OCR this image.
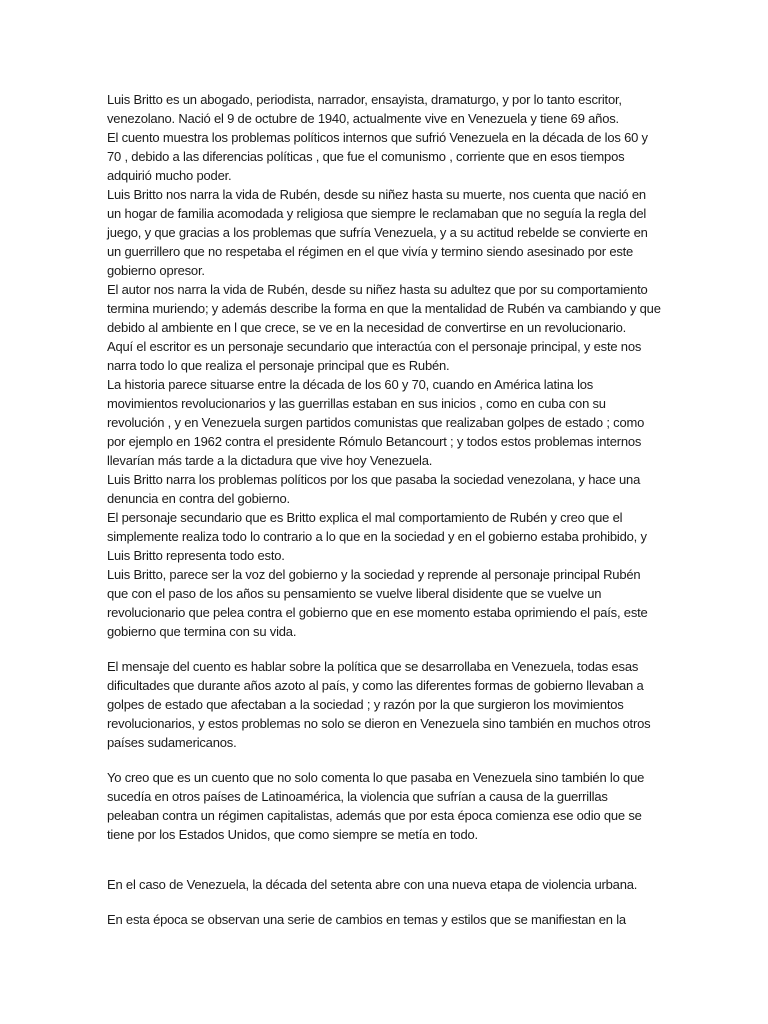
Luis Britto es un abogado, periodista, narrador, ensayista, dramaturgo, y por lo tanto escritor, venezolano. Nació el 9 de octubre de 1940, actualmente vive en Venezuela y tiene 69 años.

El cuento muestra los problemas políticos internos que sufrió Venezuela en la década de los 60 y 70 , debido a las diferencias políticas , que fue el comunismo , corriente que en esos tiempos adquirió mucho poder.

Luis Britto nos narra la vida de Rubén, desde su niñez hasta su muerte, nos cuenta que nació en un hogar de familia acomodada y religiosa que siempre le reclamaban que no seguía la regla del juego, y que gracias a los problemas que sufría Venezuela, y a su actitud rebelde se convierte en un guerrillero que no respetaba el régimen en el que vivía y termino siendo asesinado por este gobierno opresor.

El autor nos narra la vida de Rubén, desde su niñez hasta su adultez que por su comportamiento termina muriendo; y además describe la forma en que la mentalidad de Rubén va cambiando y que debido al ambiente en l que crece, se ve en la necesidad de convertirse en un revolucionario.

Aquí el escritor es un personaje secundario que interactúa con el personaje principal, y este nos narra todo lo que realiza el personaje principal que es Rubén.

La historia parece situarse entre la década de los 60 y 70, cuando en América latina los movimientos revolucionarios y las guerrillas estaban en sus inicios , como en cuba con su revolución , y en Venezuela surgen partidos comunistas que realizaban golpes de estado ; como por ejemplo en 1962 contra el presidente Rómulo Betancourt ; y todos estos problemas internos llevarían más tarde a la dictadura que vive hoy Venezuela.

Luis Britto narra los problemas políticos por los que pasaba la sociedad venezolana, y hace una denuncia en contra del gobierno.

El personaje secundario que es Britto explica el mal comportamiento de Rubén y creo que el simplemente realiza todo lo contrario a lo que en la sociedad y en el gobierno estaba prohibido, y Luis Britto representa todo esto.

Luis Britto, parece ser la voz del gobierno y la sociedad y reprende al personaje principal Rubén que con el paso de los años su pensamiento se vuelve liberal disidente que se vuelve un revolucionario que pelea contra el gobierno que en ese momento estaba oprimiendo el país, este gobierno que termina con su vida.

El mensaje del cuento es hablar sobre la política que se desarrollaba en Venezuela, todas esas dificultades que durante años azoto al país, y como las diferentes formas de gobierno llevaban a golpes de estado que afectaban a la sociedad ; y razón por la que surgieron los movimientos revolucionarios, y estos problemas no solo se dieron en Venezuela sino también en muchos otros países sudamericanos.

Yo creo que es un cuento que no solo comenta lo que pasaba en Venezuela sino también lo que sucedía en otros países de Latinoamérica, la violencia que sufrían a causa de la guerrillas peleaban contra un régimen capitalistas, además que por esta época comienza ese odio que se tiene por los Estados Unidos, que como siempre se metía en todo.

En el caso de Venezuela, la década del setenta abre con una nueva etapa de violencia urbana.

En esta época se observan una serie de cambios en temas y estilos que se manifiestan en la
